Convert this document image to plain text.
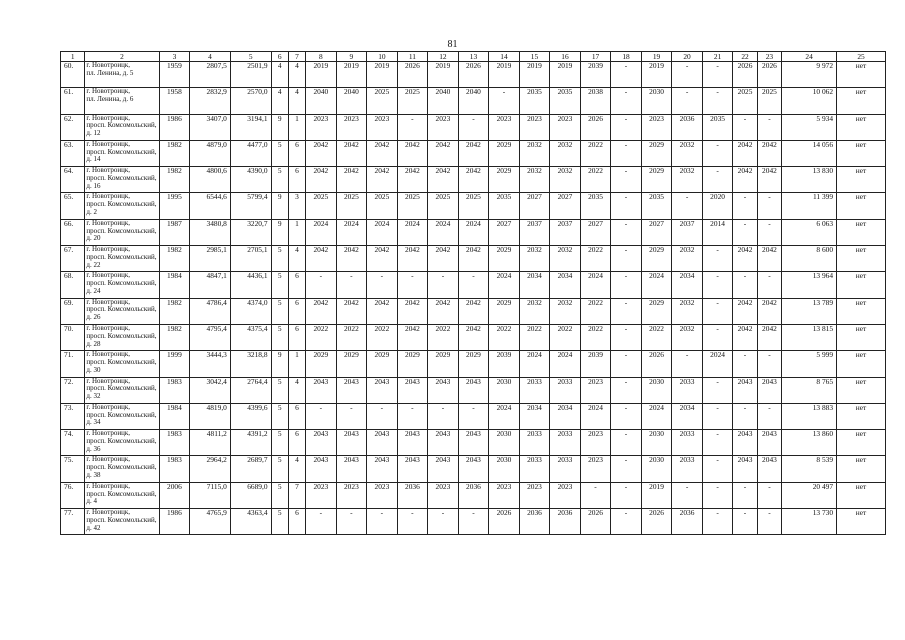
81
1	2	3	4	5	6	7	8	9	10	11	12	13	14	15	16	17	18	19	20	21	22	23	24	25
60.	г. Новотроицк,
пл. Ленина, д. 5	1959	2807,5	2501,9	4	4	2019	2019	2019	2026	2019	2026	2019	2019	2019	2039	-	2019	-	-	2026	2026	9 972	нет
61.	г. Новотроицк,
пл. Ленина, д. 6	1958	2832,9	2570,0	4	4	2040	2040	2025	2025	2040	2040	-	2035	2035	2038	-	2030	-	-	2025	2025	10 062	нет
62.	г. Новотроицк,
просп. Комсомольский,
д. 12	1986	3407,0	3194,1	9	1	2023	2023	2023	-	2023	-	2023	2023	2023	2026	-	2023	2036	2035	-	-	5 934	нет
63.	г. Новотроицк,
просп. Комсомольский,
д. 14	1982	4879,0	4477,0	5	6	2042	2042	2042	2042	2042	2042	2029	2032	2032	2022	-	2029	2032	-	2042	2042	14 056	нет
64.	г. Новотроицк,
просп. Комсомольский,
д. 16	1982	4800,6	4390,0	5	6	2042	2042	2042	2042	2042	2042	2029	2032	2032	2022	-	2029	2032	-	2042	2042	13 830	нет
65.	г. Новотроицк,
просп. Комсомольский,
д. 2	1995	6544,6	5799,4	9	3	2025	2025	2025	2025	2025	2025	2035	2027	2027	2035	-	2035	-	2020	-	-	11 399	нет
66.	г. Новотроицк,
просп. Комсомольский,
д. 20	1987	3480,8	3220,7	9	1	2024	2024	2024	2024	2024	2024	2027	2037	2037	2027	-	2027	2037	2014	-	-	6 063	нет
67.	г. Новотроицк,
просп. Комсомольский,
д. 22	1982	2985,1	2705,1	5	4	2042	2042	2042	2042	2042	2042	2029	2032	2032	2022	-	2029	2032	-	2042	2042	8 600	нет
68.	г. Новотроицк,
просп. Комсомольский,
д. 24	1984	4847,1	4436,1	5	6	-	-	-	-	-	-	2024	2034	2034	2024	-	2024	2034	-	-	-	13 964	нет
69.	г. Новотроицк,
просп. Комсомольский,
д. 26	1982	4786,4	4374,0	5	6	2042	2042	2042	2042	2042	2042	2029	2032	2032	2022	-	2029	2032	-	2042	2042	13 789	нет
70.	г. Новотроицк,
просп. Комсомольский,
д. 28	1982	4795,4	4375,4	5	6	2022	2022	2022	2042	2022	2042	2022	2022	2022	2022	-	2022	2032	-	2042	2042	13 815	нет
71.	г. Новотроицк,
просп. Комсомольский,
д. 30	1999	3444,3	3218,8	9	1	2029	2029	2029	2029	2029	2029	2039	2024	2024	2039	-	2026	-	2024	-	-	5 999	нет
72.	г. Новотроицк,
просп. Комсомольский,
д. 32	1983	3042,4	2764,4	5	4	2043	2043	2043	2043	2043	2043	2030	2033	2033	2023	-	2030	2033	-	2043	2043	8 765	нет
73.	г. Новотроицк,
просп. Комсомольский,
д. 34	1984	4819,0	4399,6	5	6	-	-	-	-	-	-	2024	2034	2034	2024	-	2024	2034	-	-	-	13 883	нет
74.	г. Новотроицк,
просп. Комсомольский,
д. 36	1983	4811,2	4391,2	5	6	2043	2043	2043	2043	2043	2043	2030	2033	2033	2023	-	2030	2033	-	2043	2043	13 860	нет
75.	г. Новотроицк,
просп. Комсомольский,
д. 38	1983	2964,2	2689,7	5	4	2043	2043	2043	2043	2043	2043	2030	2033	2033	2023	-	2030	2033	-	2043	2043	8 539	нет
76.	г. Новотроицк,
просп. Комсомольский,
д. 4	2006	7115,0	6689,0	5	7	2023	2023	2023	2036	2023	2036	2023	2023	2023	-	-	2019	-	-	-	-	20 497	нет
77.	г. Новотроицк,
просп. Комсомольский,
д. 42	1986	4765,9	4363,4	5	6	-	-	-	-	-	-	2026	2036	2036	2026	-	2026	2036	-	-	-	13 730	нет
